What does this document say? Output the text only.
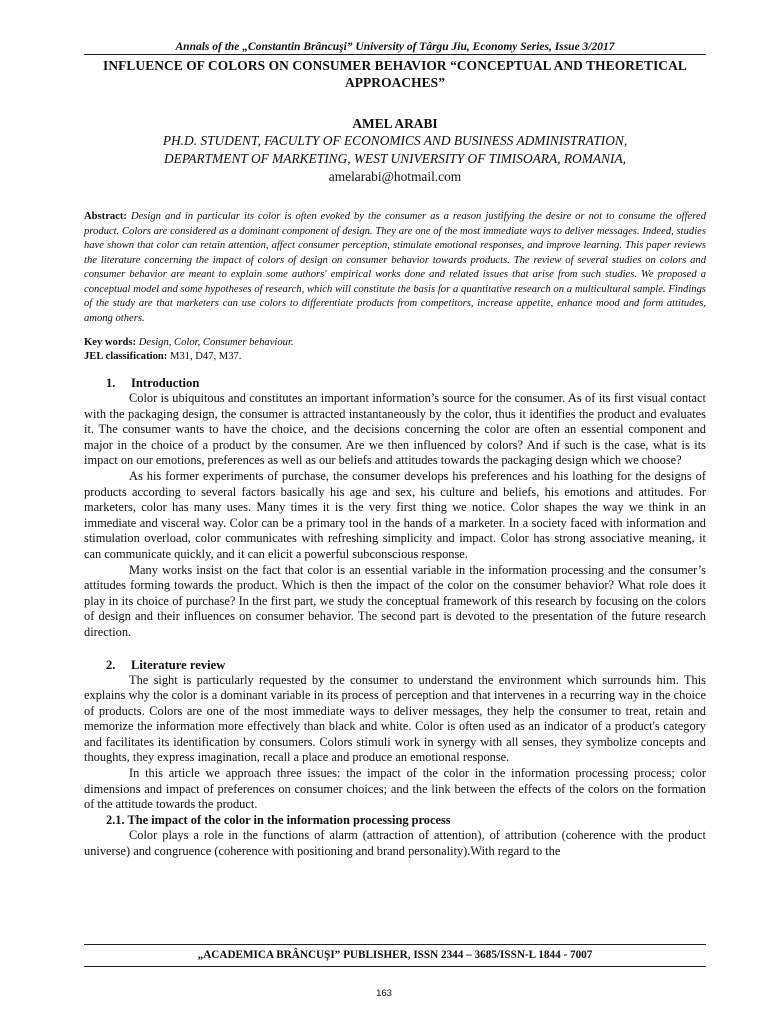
Annals of the „Constantin Brâncuşi” University of Târgu Jiu, Economy Series, Issue 3/2017
INFLUENCE OF COLORS ON CONSUMER BEHAVIOR “CONCEPTUAL AND THEORETICAL APPROACHES”
AMEL ARABI
PH.D. STUDENT, FACULTY OF ECONOMICS AND BUSINESS ADMINISTRATION,
DEPARTMENT OF MARKETING, WEST UNIVERSITY OF TIMISOARA, ROMANIA,
amelarabi@hotmail.com
Abstract: Design and in particular its color is often evoked by the consumer as a reason justifying the desire or not to consume the offered product. Colors are considered as a dominant component of design. They are one of the most immediate ways to deliver messages. Indeed, studies have shown that color can retain attention, affect consumer perception, stimulate emotional responses, and improve learning. This paper reviews the literature concerning the impact of colors of design on consumer behavior towards products. The review of several studies on colors and consumer behavior are meant to explain some authors' empirical works done and related issues that arise from such studies. We proposed a conceptual model and some hypotheses of research, which will constitute the basis for a quantitative research on a multicultural sample. Findings of the study are that marketers can use colors to differentiate products from competitors, increase appetite, enhance mood and form attitudes, among others.
Key words: Design, Color, Consumer behaviour.
JEL classification: M31, D47, M37.
1. Introduction
Color is ubiquitous and constitutes an important information’s source for the consumer. As of its first visual contact with the packaging design, the consumer is attracted instantaneously by the color, thus it identifies the product and evaluates it. The consumer wants to have the choice, and the decisions concerning the color are often an essential component and major in the choice of a product by the consumer. Are we then influenced by colors? And if such is the case, what is its impact on our emotions, preferences as well as our beliefs and attitudes towards the packaging design which we choose?
As his former experiments of purchase, the consumer develops his preferences and his loathing for the designs of products according to several factors basically his age and sex, his culture and beliefs, his emotions and attitudes. For marketers, color has many uses. Many times it is the very first thing we notice. Color shapes the way we think in an immediate and visceral way. Color can be a primary tool in the hands of a marketer. In a society faced with information and stimulation overload, color communicates with refreshing simplicity and impact. Color has strong associative meaning, it can communicate quickly, and it can elicit a powerful subconscious response.
Many works insist on the fact that color is an essential variable in the information processing and the consumer’s attitudes forming towards the product. Which is then the impact of the color on the consumer behavior? What role does it play in its choice of purchase? In the first part, we study the conceptual framework of this research by focusing on the colors of design and their influences on consumer behavior. The second part is devoted to the presentation of the future research direction.
2. Literature review
The sight is particularly requested by the consumer to understand the environment which surrounds him. This explains why the color is a dominant variable in its process of perception and that intervenes in a recurring way in the choice of products. Colors are one of the most immediate ways to deliver messages, they help the consumer to treat, retain and memorize the information more effectively than black and white. Color is often used as an indicator of a product's category and facilitates its identification by consumers. Colors stimuli work in synergy with all senses, they symbolize concepts and thoughts, they express imagination, recall a place and produce an emotional response.
In this article we approach three issues: the impact of the color in the information processing process; color dimensions and impact of preferences on consumer choices; and the link between the effects of the colors on the formation of the attitude towards the product.
2.1. The impact of the color in the information processing process
Color plays a role in the functions of alarm (attraction of attention), of attribution (coherence with the product universe) and congruence (coherence with positioning and brand personality).With regard to the
„ACADEMICA BRÂNCUŞI” PUBLISHER, ISSN 2344 – 3685/ISSN-L 1844 - 7007
163
